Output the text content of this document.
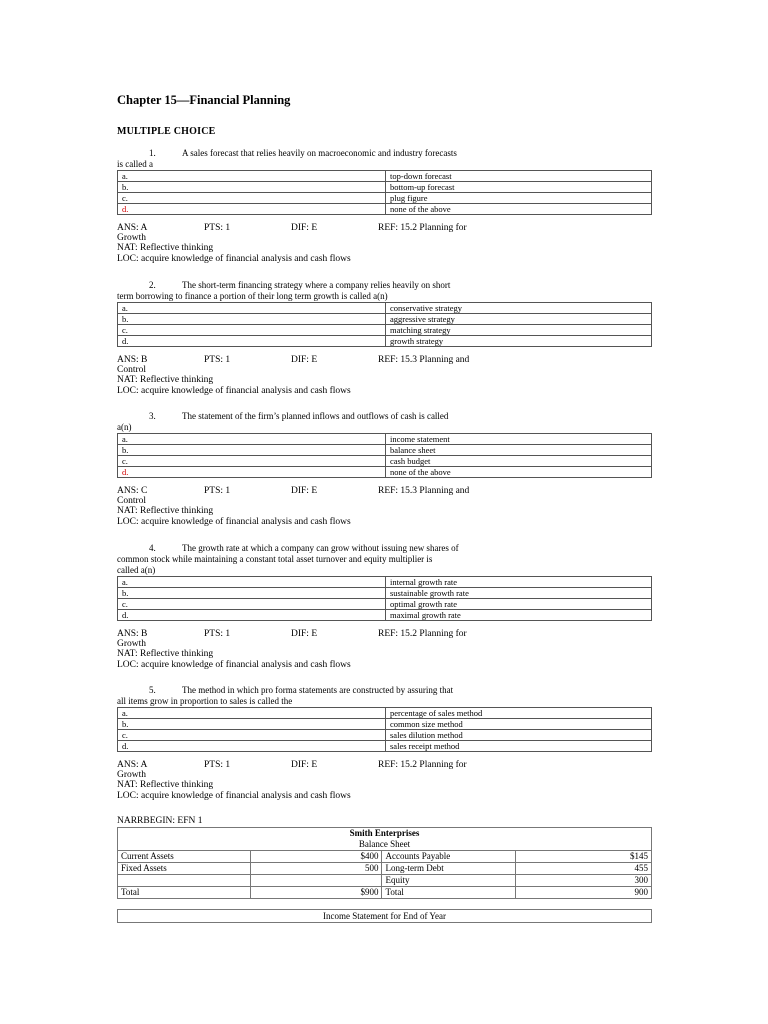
Chapter 15—Financial Planning
MULTIPLE CHOICE
1.	A sales forecast that relies heavily on macroeconomic and industry forecasts
is called a
a.	top-down forecast
b.	bottom-up forecast
c.	plug figure
d.	none of the above
ANS: A	PTS: 1	DIF: E	REF: 15.2 Planning for
Growth
NAT: Reflective thinking
LOC: acquire knowledge of financial analysis and cash flows
2.	The short-term financing strategy where a company relies heavily on short
term borrowing to finance a portion of their long term growth is called a(n)
a.	conservative strategy
b.	aggressive strategy
c.	matching strategy
d.	growth strategy
ANS: B	PTS: 1	DIF: E	REF: 15.3 Planning and
Control
NAT: Reflective thinking
LOC: acquire knowledge of financial analysis and cash flows
3.	The statement of the firm’s planned inflows and outflows of cash is called
a(n)
a.	income statement
b.	balance sheet
c.	cash budget
d.	none of the above
ANS: C	PTS: 1	DIF: E	REF: 15.3 Planning and
Control
NAT: Reflective thinking
LOC: acquire knowledge of financial analysis and cash flows
4.	The growth rate at which a company can grow without issuing new shares of
common stock while maintaining a constant total asset turnover and equity multiplier is
called a(n)
a.	internal growth rate
b.	sustainable growth rate
c.	optimal growth rate
d.	maximal growth rate
ANS: B	PTS: 1	DIF: E	REF: 15.2 Planning for
Growth
NAT: Reflective thinking
LOC: acquire knowledge of financial analysis and cash flows
5.	The method in which pro forma statements are constructed by assuring that
all items grow in proportion to sales is called the
a.	percentage of sales method
b.	common size method
c.	sales dilution method
d.	sales receipt method
ANS: A	PTS: 1	DIF: E	REF: 15.2 Planning for
Growth
NAT: Reflective thinking
LOC: acquire knowledge of financial analysis and cash flows
NARRBEGIN: EFN 1
Smith Enterprises			
Balance Sheet			
Current Assets	$400	Accounts Payable	$145
Fixed Assets	500	Long-term Debt	455
		Equity	300
Total	$900	Total	900
Income Statement for End of Year
